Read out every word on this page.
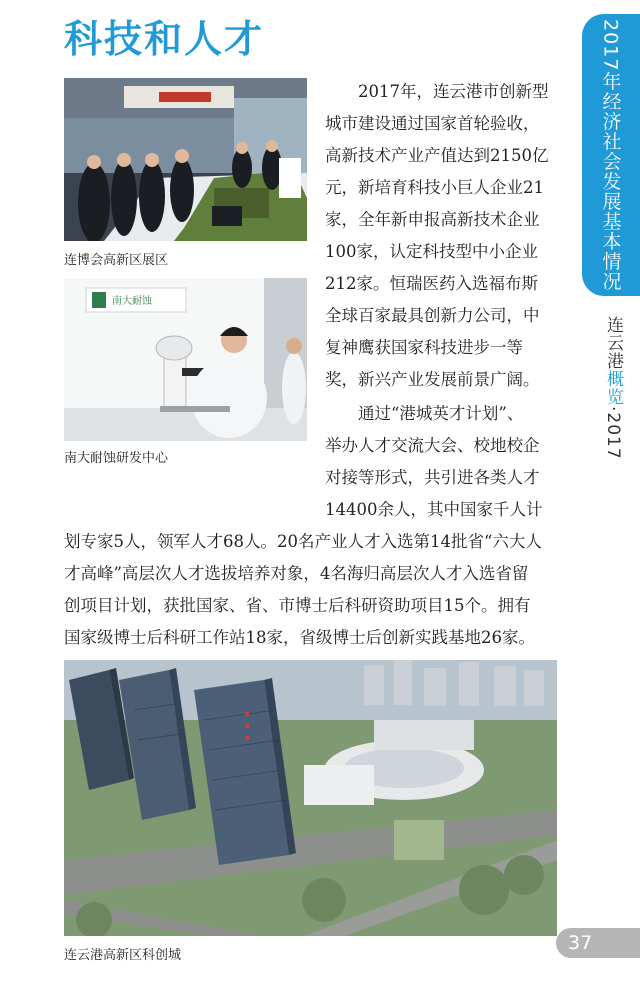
科技和人才	2017年经济社会发展基本情况
连云港概览·2017
连博会高新区展区
南大耐蚀
南大耐蚀研发中心
2017年，连云港市创新型
城市建设通过国家首轮验收，
高新技术产业产值达到2150亿
元，新培育科技小巨人企业21
家，全年新申报高新技术企业
100家，认定科技型中小企业
212家。恒瑞医药入选福布斯
全球百家最具创新力公司，中
复神鹰获国家科技进步一等
奖，新兴产业发展前景广阔。
通过“港城英才计划”、
举办人才交流大会、校地校企
对接等形式，共引进各类人才
14400余人，其中国家千人计
划专家5人，领军人才68人。20名产业人才入选第14批省“六大人
才高峰”高层次人才选拔培养对象，4名海归高层次人才入选省留
创项目计划，获批国家、省、市博士后科研资助项目15个。拥有
国家级博士后科研工作站18家，省级博士后创新实践基地26家。
连云港高新区科创城
37
